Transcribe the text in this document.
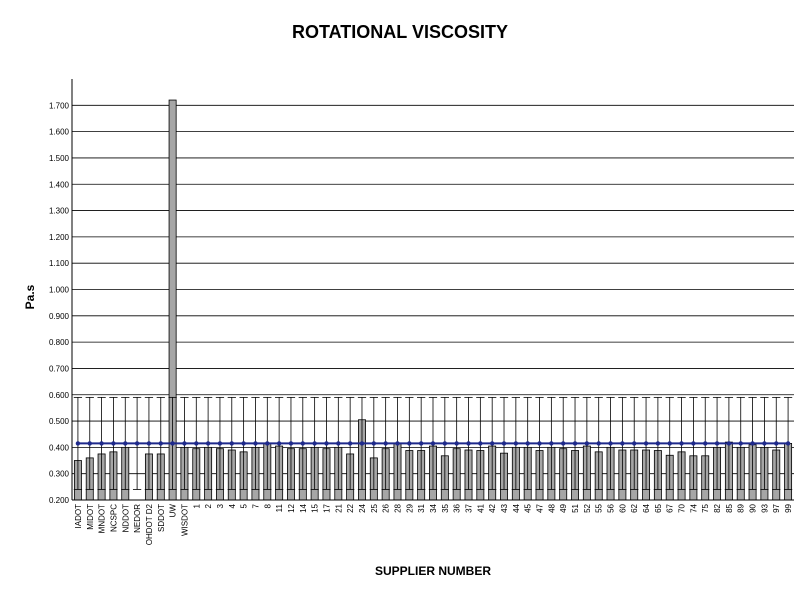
ROTATIONAL VISCOSITY
Pa.s
SUPPLIER NUMBER
0.200
0.300
0.400
0.500
0.600
0.700
0.800
0.900
1.000
1.100
1.200
1.300
1.400
1.500
1.600
1.700
IADOT MIDOT MNDOT NCSPC NDDOT NEDOR OHDOT D2 SDDOT UW WISDOT 1 2 3 4 5 7 8 11 12 14 15 17 21 22 24 25 26 28 29 31 34 35 36 37 41 42 43 44 45 47 48 49 51 52 55 56 60 62 64 65 67 70 74 75 82 85 89 90 93 97 99
